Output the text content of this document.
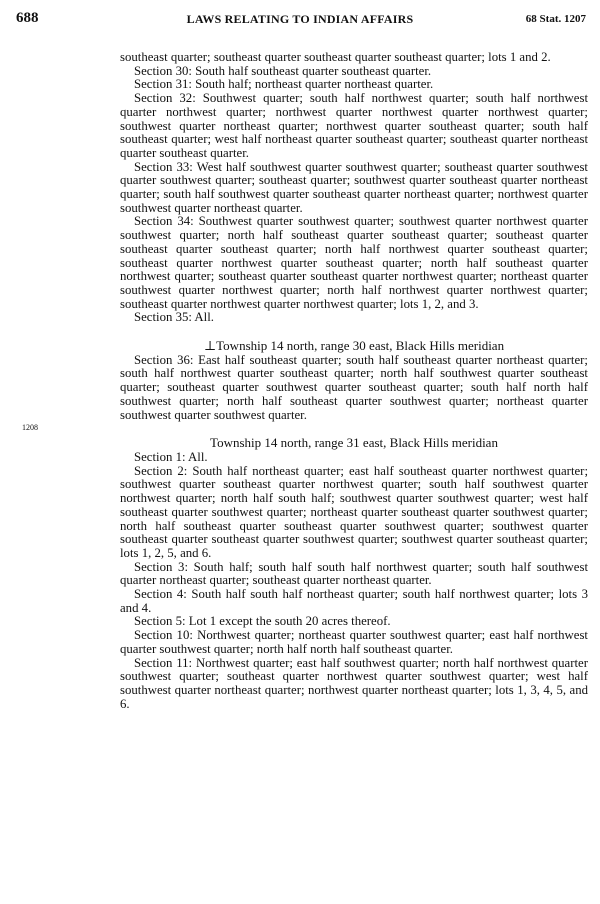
688	LAWS RELATING TO INDIAN AFFAIRS	68 Stat. 1207
1208

southeast quarter; southeast quarter southeast quarter southeast quarter; lots 1 and 2.

Section 30: South half southeast quarter southeast quarter.

Section 31: South half; northeast quarter northeast quarter.

Section 32: Southwest quarter; south half northwest quarter; south half northwest quarter northwest quarter; northwest quarter northwest quarter northwest quarter; southwest quarter northeast quarter; northwest quarter southeast quarter; south half southeast quarter; west half northeast quarter southeast quarter; southeast quarter northeast quarter southeast quarter.

Section 33: West half southwest quarter southwest quarter; southeast quarter southwest quarter southwest quarter; southeast quarter; southwest quarter southeast quarter northeast quarter; south half southwest quarter southeast quarter northeast quarter; northwest quarter southwest quarter northeast quarter.

Section 34: Southwest quarter southwest quarter; southwest quarter northwest quarter southwest quarter; north half southeast quarter southeast quarter; southeast quarter southeast quarter southeast quarter; north half northwest quarter southeast quarter; southeast quarter northwest quarter southeast quarter; north half southeast quarter northwest quarter; southeast quarter southeast quarter northwest quarter; northeast quarter southwest quarter northwest quarter; north half northwest quarter northwest quarter; southeast quarter northwest quarter northwest quarter; lots 1, 2, and 3.

Section 35: All.

⊥Township 14 north, range 30 east, Black Hills meridian

Section 36: East half southeast quarter; south half southeast quarter northeast quarter; south half northwest quarter southeast quarter; north half southwest quarter southeast quarter; southeast quarter southwest quarter southeast quarter; south half north half southwest quarter; north half southeast quarter southwest quarter; northeast quarter southwest quarter southwest quarter.

Township 14 north, range 31 east, Black Hills meridian

Section 1: All.

Section 2: South half northeast quarter; east half southeast quarter northwest quarter; southwest quarter southeast quarter northwest quarter; south half southwest quarter northwest quarter; north half south half; southwest quarter southwest quarter; west half southeast quarter southwest quarter; northeast quarter southeast quarter southwest quarter; north half southeast quarter southeast quarter southwest quarter; southwest quarter southeast quarter southeast quarter southwest quarter; southwest quarter southeast quarter; lots 1, 2, 5, and 6.

Section 3: South half; south half south half northwest quarter; south half southwest quarter northeast quarter; southeast quarter northeast quarter.

Section 4: South half south half northeast quarter; south half northwest quarter; lots 3 and 4.

Section 5: Lot 1 except the south 20 acres thereof.

Section 10: Northwest quarter; northeast quarter southwest quarter; east half northwest quarter southwest quarter; north half north half southeast quarter.

Section 11: Northwest quarter; east half southwest quarter; north half northwest quarter southwest quarter; southeast quarter northwest quarter southwest quarter; west half southwest quarter northeast quarter; northwest quarter northeast quarter; lots 1, 3, 4, 5, and 6.
